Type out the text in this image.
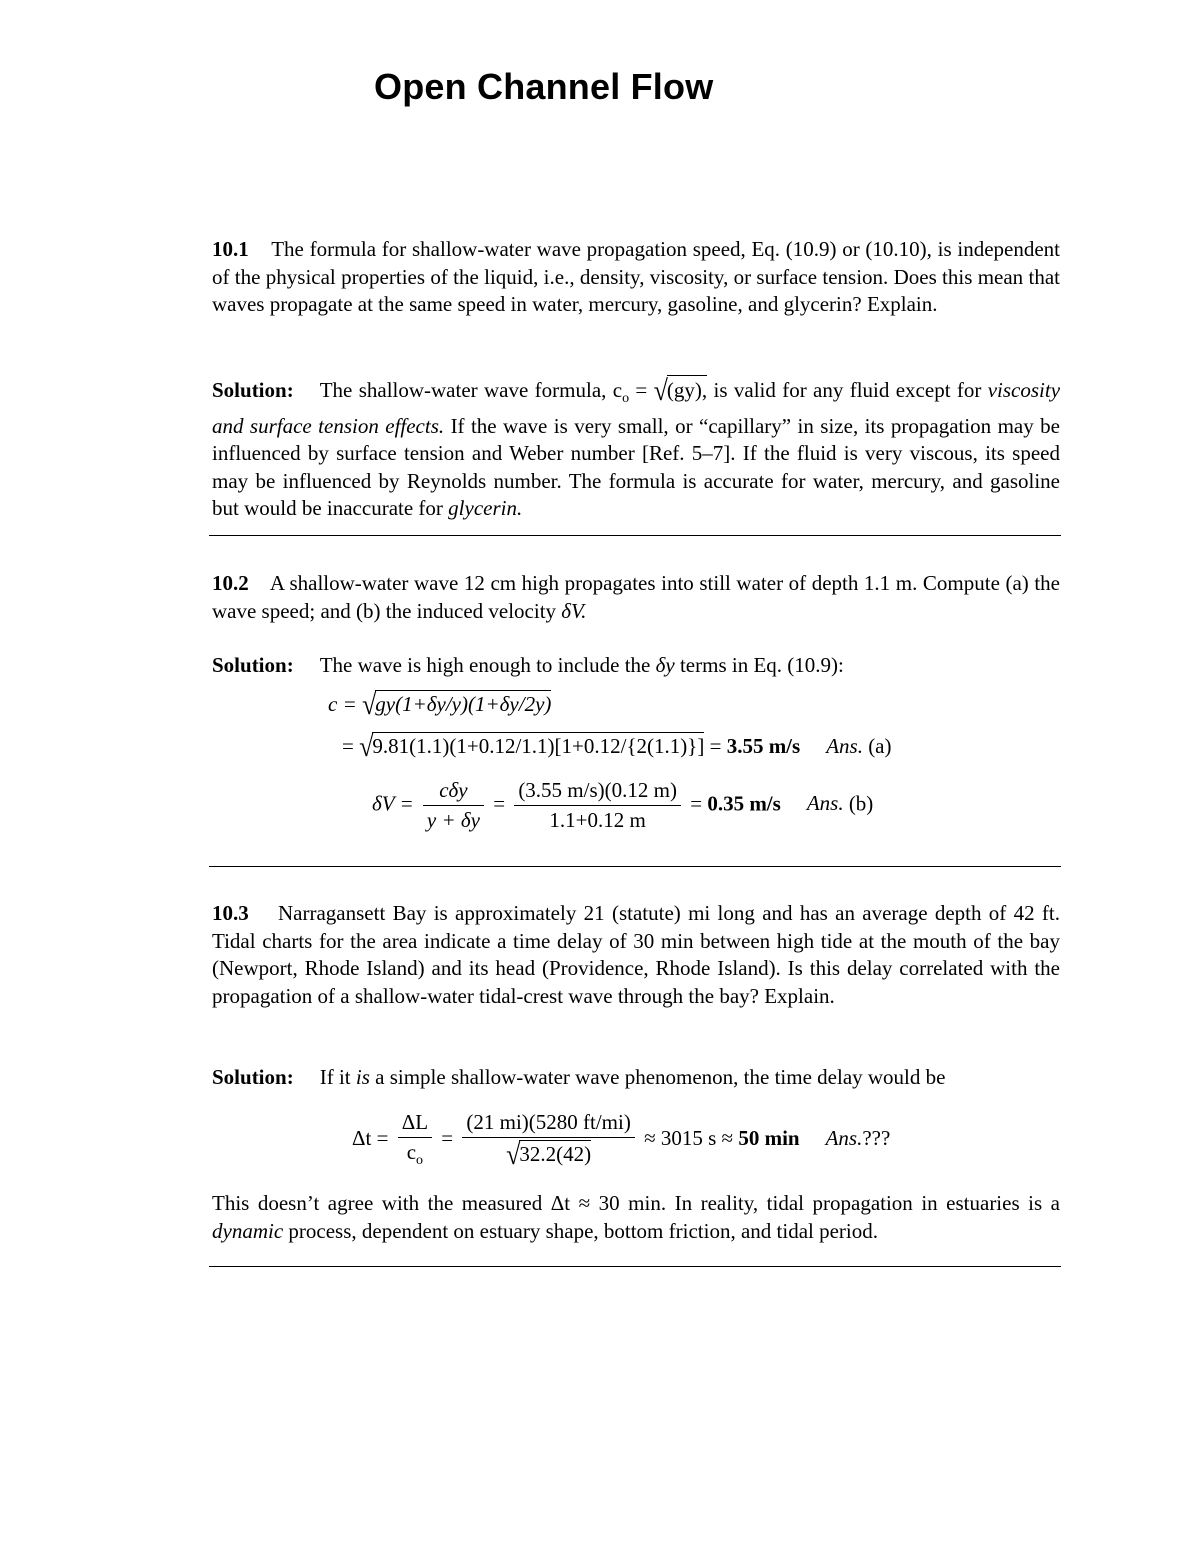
Open Channel Flow
10.1 The formula for shallow-water wave propagation speed, Eq. (10.9) or (10.10), is independent of the physical properties of the liquid, i.e., density, viscosity, or surface tension. Does this mean that waves propagate at the same speed in water, mercury, gasoline, and glycerin? Explain.
Solution: The shallow-water wave formula, $c_o = √(gy)$, is valid for any fluid except for viscosity and surface tension effects. If the wave is very small, or “capillary” in size, its propagation may be influenced by surface tension and Weber number [Ref. 5–7]. If the fluid is very viscous, its speed may be influenced by Reynolds number. The formula is accurate for water, mercury, and gasoline but would be inaccurate for glycerin.
10.2 A shallow-water wave 12 cm high propagates into still water of depth 1.1 m. Compute (a) the wave speed; and (b) the induced velocity δV.
Solution: The wave is high enough to include the δy terms in Eq. (10.9):
c = √gy(1+δy/y)(1+δy/2y)
= √9.81(1.1)(1+0.12/1.1)[1+0.12/{2(1.1)}] = 3.55 m/s Ans. (a)
$\delta V = \frac{\text{cδy}}{y + \delta y} = \frac{(3.55 m/s)(0.12 m)}{1.1+0.12 m} = 0.35$ m/s Ans. (b)
10.3 Narragansett Bay is approximately 21 (statute) mi long and has an average depth of 42 ft. Tidal charts for the area indicate a time delay of 30 min between high tide at the mouth of the bay (Newport, Rhode Island) and its head (Providence, Rhode Island). Is this delay correlated with the propagation of a shallow-water tidal-crest wave through the bay? Explain.
Solution: If it is a simple shallow-water wave phenomenon, the time delay would be
$\Delta t = \frac{\Delta L}{c_o} = \frac{(21 mi)(5280 ft/mi)}{√32.2(42)} \approx 3015$ s ≈ 50 min Ans.???
This doesn’t agree with the measured Δt ≈ 30 min. In reality, tidal propagation in estuaries is a dynamic process, dependent on estuary shape, bottom friction, and tidal period.
